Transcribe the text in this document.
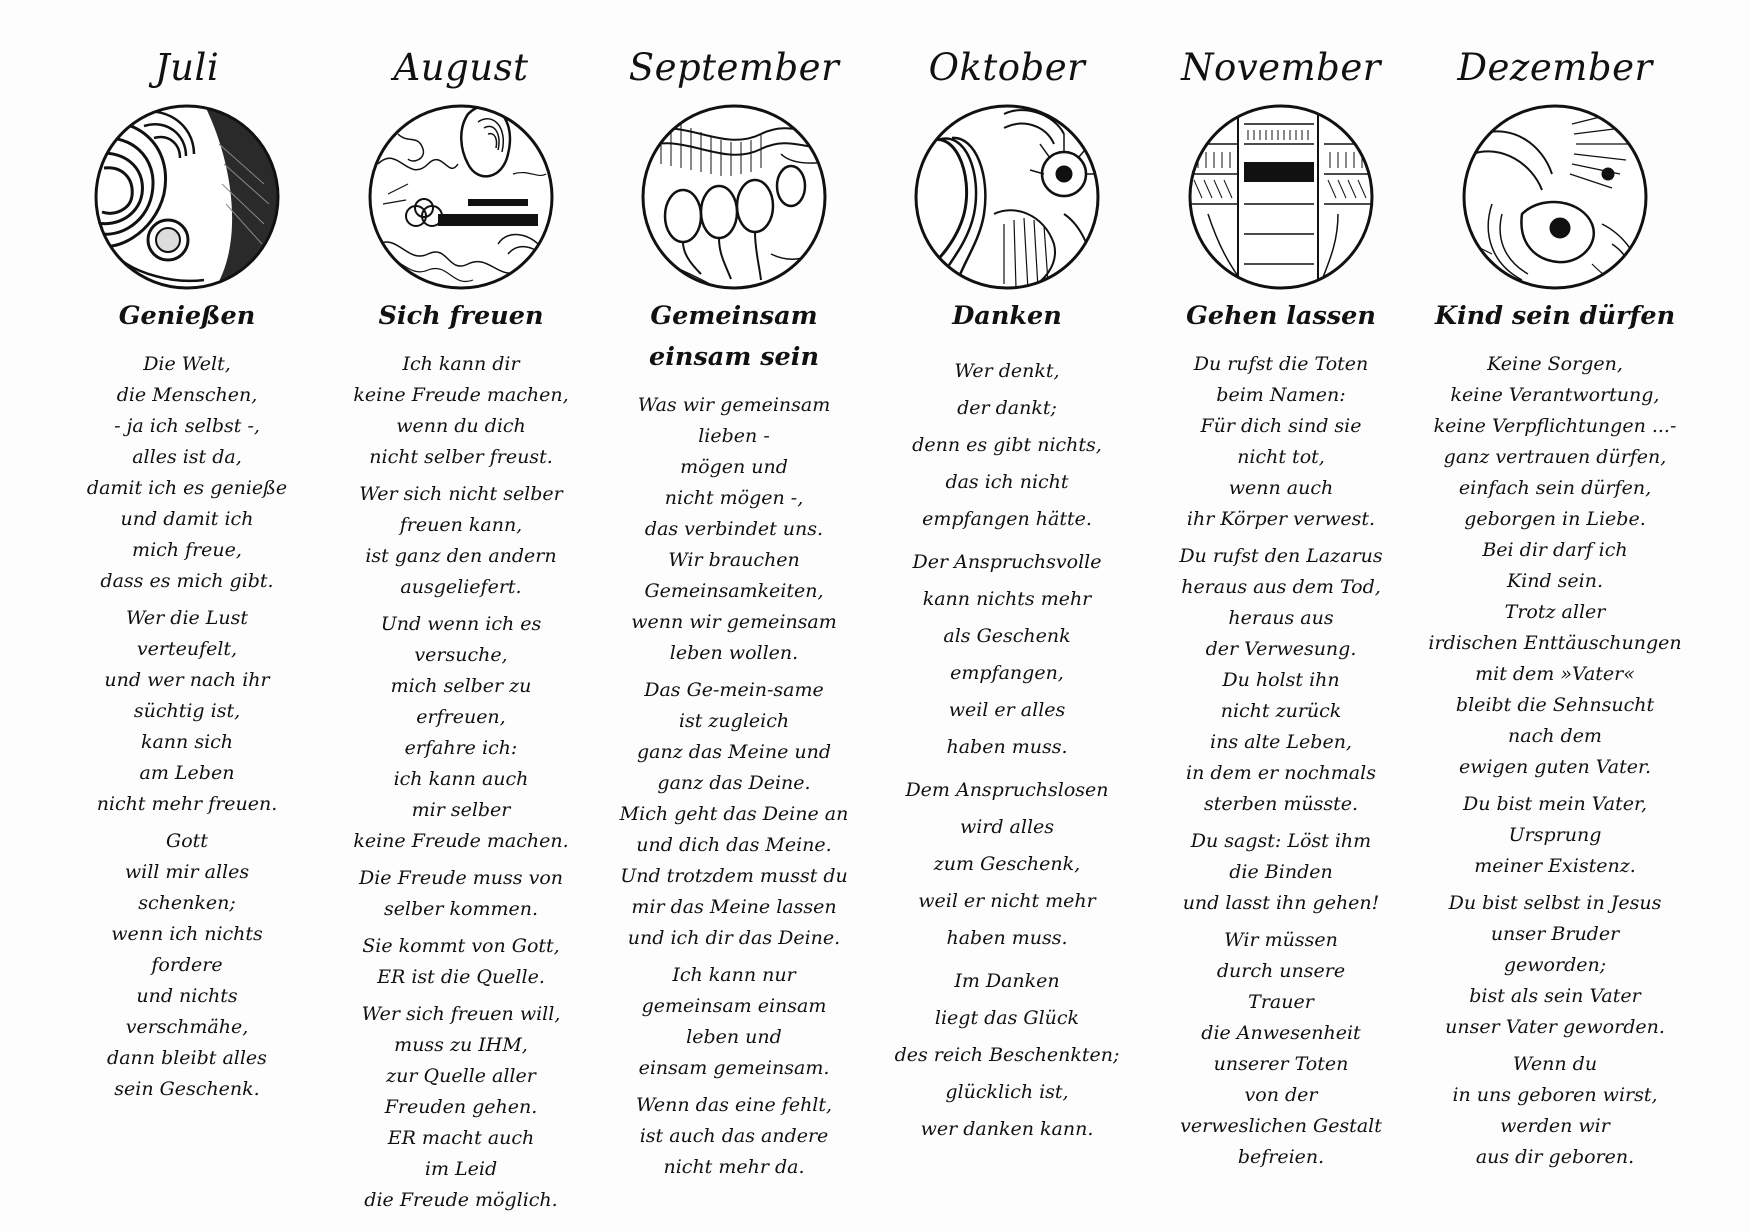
Juli
Genießen
Die Welt,
die Menschen,
- ja ich selbst -,
alles ist da,
damit ich es genieße
und damit ich
mich freue,
dass es mich gibt.
Wer die Lust
verteufelt,
und wer nach ihr
süchtig ist,
kann sich
am Leben
nicht mehr freuen.
Gott
will mir alles
schenken;
wenn ich nichts
fordere
und nichts
verschmähe,
dann bleibt alles
sein Geschenk.
August
Sich freuen
Ich kann dir
keine Freude machen,
wenn du dich
nicht selber freust.
Wer sich nicht selber
freuen kann,
ist ganz den andern
ausgeliefert.
Und wenn ich es
versuche,
mich selber zu
erfreuen,
erfahre ich:
ich kann auch
mir selber
keine Freude machen.
Die Freude muss von
selber kommen.
Sie kommt von Gott,
ER ist die Quelle.
Wer sich freuen will,
muss zu IHM,
zur Quelle aller
Freuden gehen.
ER macht auch
im Leid
die Freude möglich.
September
Gemeinsam
einsam sein
Was wir gemeinsam
lieben -
mögen und
nicht mögen -,
das verbindet uns.
Wir brauchen
Gemeinsamkeiten,
wenn wir gemeinsam
leben wollen.
Das Ge-mein-same
ist zugleich
ganz das Meine und
ganz das Deine.
Mich geht das Deine an
und dich das Meine.
Und trotzdem musst du
mir das Meine lassen
und ich dir das Deine.
Ich kann nur
gemeinsam einsam
leben und
einsam gemeinsam.
Wenn das eine fehlt,
ist auch das andere
nicht mehr da.
Oktober
Danken
Wer denkt,
der dankt;
denn es gibt nichts,
das ich nicht
empfangen hätte.
Der Anspruchsvolle
kann nichts mehr
als Geschenk
empfangen,
weil er alles
haben muss.
Dem Anspruchslosen
wird alles
zum Geschenk,
weil er nicht mehr
haben muss.
Im Danken
liegt das Glück
des reich Beschenkten;
glücklich ist,
wer danken kann.
November
Gehen lassen
Du rufst die Toten
beim Namen:
Für dich sind sie
nicht tot,
wenn auch
ihr Körper verwest.
Du rufst den Lazarus
heraus aus dem Tod,
heraus aus
der Verwesung.
Du holst ihn
nicht zurück
ins alte Leben,
in dem er nochmals
sterben müsste.
Du sagst: Löst ihm
die Binden
und lasst ihn gehen!
Wir müssen
durch unsere
Trauer
die Anwesenheit
unserer Toten
von der
verweslichen Gestalt
befreien.
Dezember
Kind sein dürfen
Keine Sorgen,
keine Verantwortung,
keine Verpflichtungen ...-
ganz vertrauen dürfen,
einfach sein dürfen,
geborgen in Liebe.
Bei dir darf ich
Kind sein.
Trotz aller
irdischen Enttäuschungen
mit dem »Vater«
bleibt die Sehnsucht
nach dem
ewigen guten Vater.
Du bist mein Vater,
Ursprung
meiner Existenz.
Du bist selbst in Jesus
unser Bruder
geworden;
bist als sein Vater
unser Vater geworden.
Wenn du
in uns geboren wirst,
werden wir
aus dir geboren.
